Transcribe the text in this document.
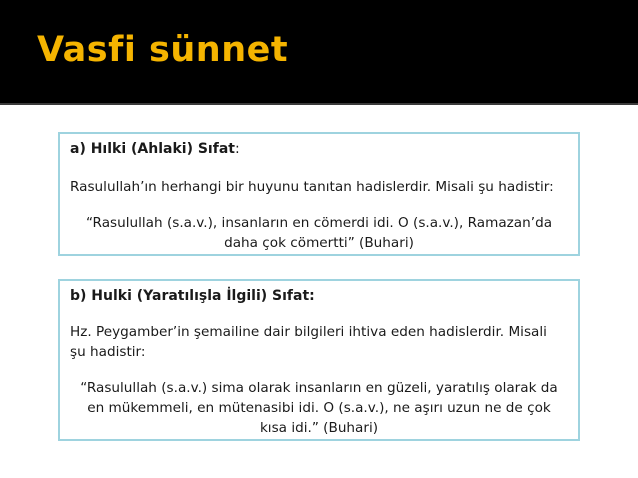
Vasfi sünnet
a) Hılki (Ahlaki) Sıfat:
Rasulullah’ın herhangi bir huyunu tanıtan hadislerdir. Misali şu hadistir:
“Rasulullah (s.a.v.), insanların en cömerdi idi. O (s.a.v.), Ramazan’da
daha çok cömertti” (Buhari)
b) Hulki (Yaratılışla İlgili) Sıfat:
Hz. Peygamber’in şemailine dair bilgileri ihtiva eden hadislerdir. Misali
şu hadistir:
“Rasulullah (s.a.v.) sima olarak insanların en güzeli, yaratılış olarak da
en mükemmeli, en mütenasibi idi. O (s.a.v.), ne aşırı uzun ne de çok
kısa idi.” (Buhari)
